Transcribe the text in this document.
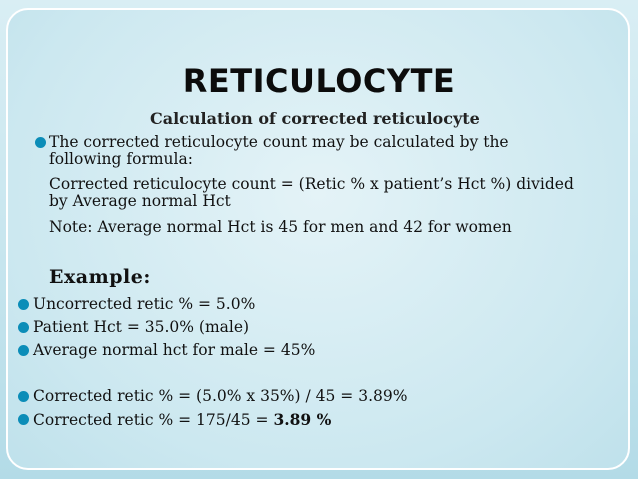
RETICULOCYTE
Calculation of corrected reticulocyte
The corrected reticulocyte count may be calculated by the
following formula:
Corrected reticulocyte count = (Retic % x patient’s Hct %) divided
by Average normal Hct
Note: Average normal Hct is 45 for men and 42 for women
Example:
Uncorrected retic % = 5.0%
Patient Hct = 35.0% (male)
Average normal hct for male = 45%
Corrected retic % = (5.0% x 35%) / 45 = 3.89%
Corrected retic % = 175/45 = 3.89 %
